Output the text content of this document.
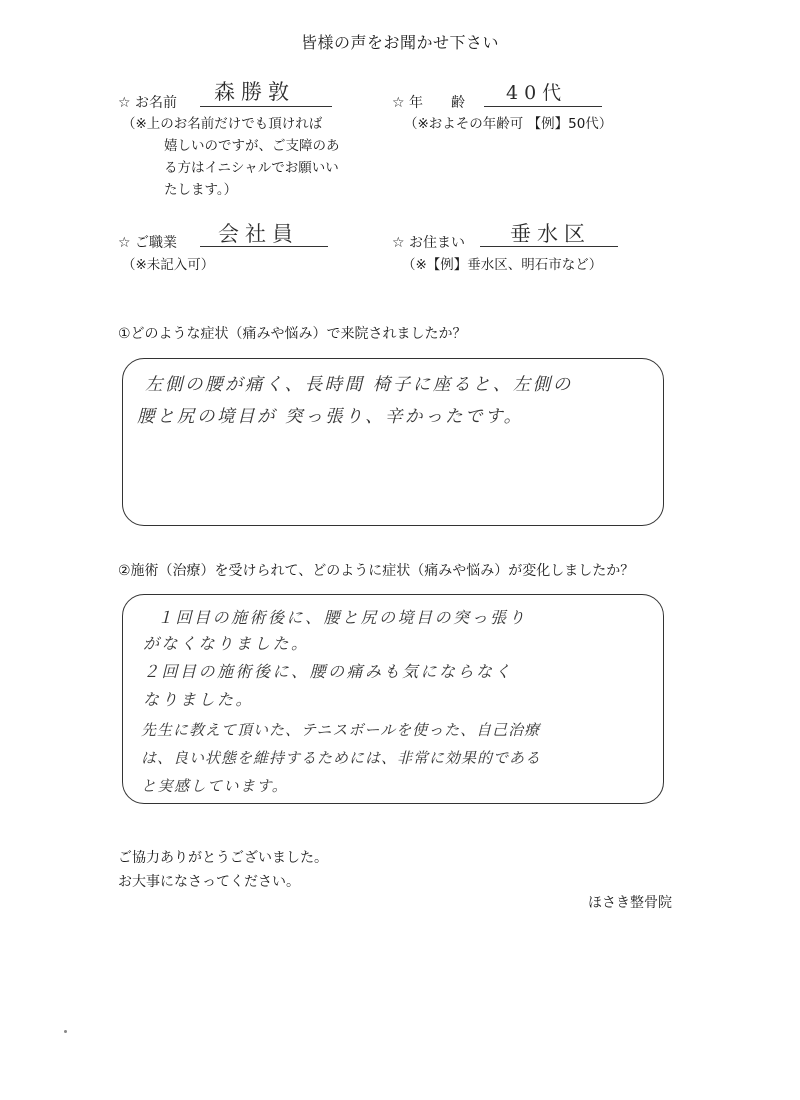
皆様の声をお聞かせ下さい
☆ お名前 森勝敦
（※上のお名前だけでも頂ければ
嬉しいのですが、ご支障のあ
る方はイニシャルでお願いい
たします。）
☆ 年　　齢 40代
（※およその年齢可 【例】50代）
☆ ご職業 会社員
（※未記入可）
☆ お住まい 垂水区
（※【例】垂水区、明石市など）
①どのような症状（痛みや悩み）で来院されましたか？
左側の腰が痛く、長時間 椅子に座ると、左側の
腰と尻の境目が 突っ張り、辛かったです。
②施術（治療）を受けられて、どのように症状（痛みや悩み）が変化しましたか？
１回目の施術後に、腰と尻の境目の突っ張り
がなくなりました。
２回目の施術後に、腰の痛みも気にならなく
なりました。
先生に教えて頂いた、テニスボールを使った、自己治療
は、良い状態を維持するためには、非常に効果的である
と実感しています。
ご協力ありがとうございました。
お大事になさってください。
ほさき整骨院
